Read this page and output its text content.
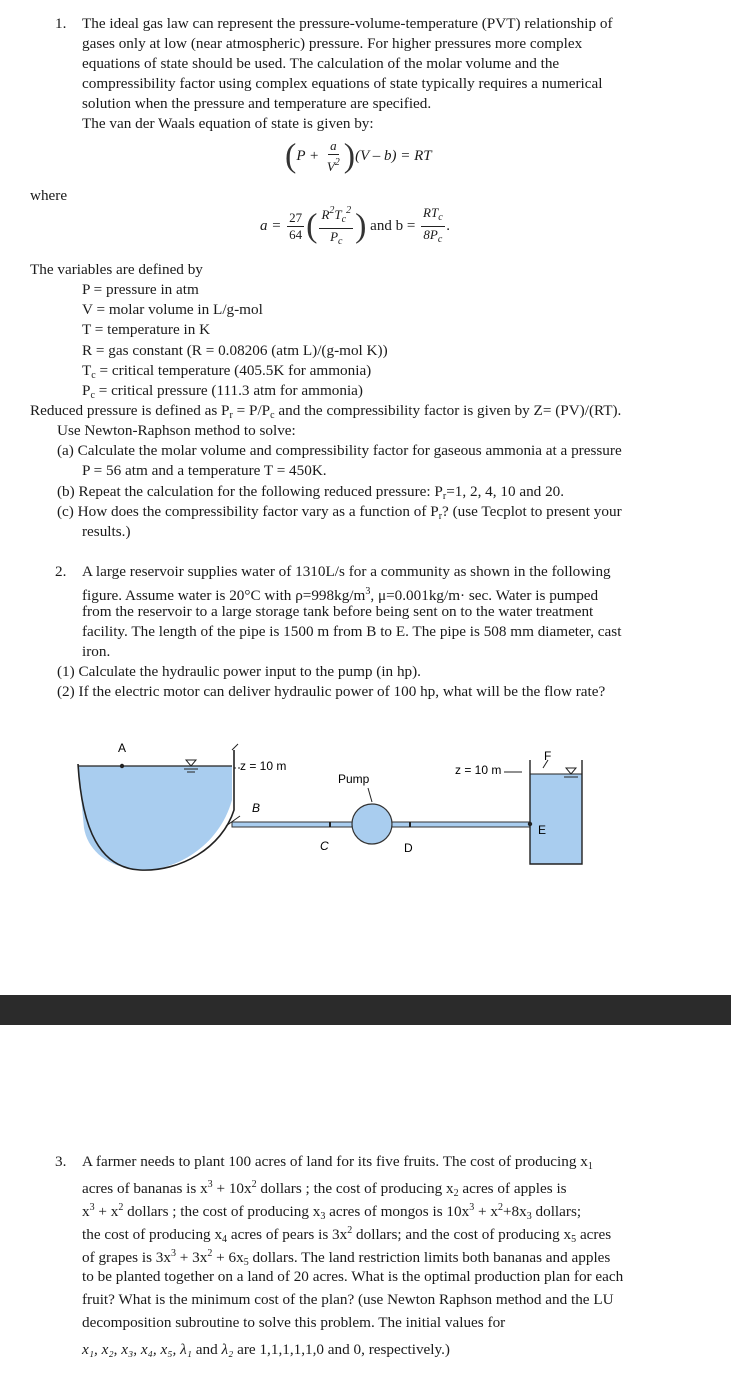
1. The ideal gas law can represent the pressure-volume-temperature (PVT) relationship of
gases only at low (near atmospheric) pressure. For higher pressures more complex
equations of state should be used. The calculation of the molar volume and the
compressibility factor using complex equations of state typically requires a numerical
solution when the pressure and temperature are specified.
The van der Waals equation of state is given by:
$(P + \frac{a}{V^2} )(V - b)$ = RT
where
$a = \frac{27}{64}$ ( $\frac{R^2T_c^2}{P_c}$ ) and $b = \frac{RT_c}{8P_c}$ .
The variables are defined by
P = pressure in atm
V = molar volume in L/g-mol
T = temperature in K
R = gas constant (R = 0.08206 (atm L)/(g-mol K))
$T_c$ = critical temperature (405.5K for ammonia)
$P_c$ = critical pressure (111.3 atm for ammonia)
Reduced pressure is defined as $P_r = P/P_c$ and the compressibility factor is given by Z= (PV)/(RT).
Use Newton-Raphson method to solve:
(a) Calculate the molar volume and compressibility factor for gaseous ammonia at a pressure
P = 56 atm and a temperature T = 450K.
(b) Repeat the calculation for the following reduced pressure: $P_r=1$, 2, 4, 10 and 20.
(c) How does the compressibility factor vary as a function of $P_r$? (use Tecplot to present your
results.)
2. A large reservoir supplies water of 1310L/s for a community as shown in the following
figure. Assume water is 20°C with $\rho=998kg/m^3$, μ=0.001kg/m· sec. Water is pumped
from the reservoir to a large storage tank before being sent on to the water treatment
facility. The length of the pipe is 1500 m from B to E. The pipe is 508 mm diameter, cast
iron.
(1) Calculate the hydraulic power input to the pump (in hp).
(2) If the electric motor can deliver hydraulic power of 100 hp, what will be the flow rate?
A
B
C
Pump
D
F
E
z = 10 m	z = 10 m
3. A farmer needs to plant 100 acres of land for its five fruits. The cost of producing $x_1$
acres of bananas is $x^3 + 10x^2$ dollars ; the cost of producing $x_2$ acres of apples is
$x^3 + x^2$ dollars ; the cost of producing $x_3$ acres of mongos is $10x^3 + x^2+8x_3$ dollars;
the cost of producing $x_4$ acres of pears is $3x^2$ dollars; and the cost of producing $x_5$ acres
of grapes is $3x^3 + 3x^2 + 6x_5$ dollars. The land restriction limits both bananas and apples
to be planted together on a land of 20 acres. What is the optimal production plan for each
fruit? What is the minimum cost of the plan? (use Newton Raphson method and the LU
decomposition subroutine to solve this problem. The initial values for
x₁, x₂, x₃, x₄, x₅, λ₁ and λ₂ are 1,1,1,1,1,0 and 0, respectively.)
